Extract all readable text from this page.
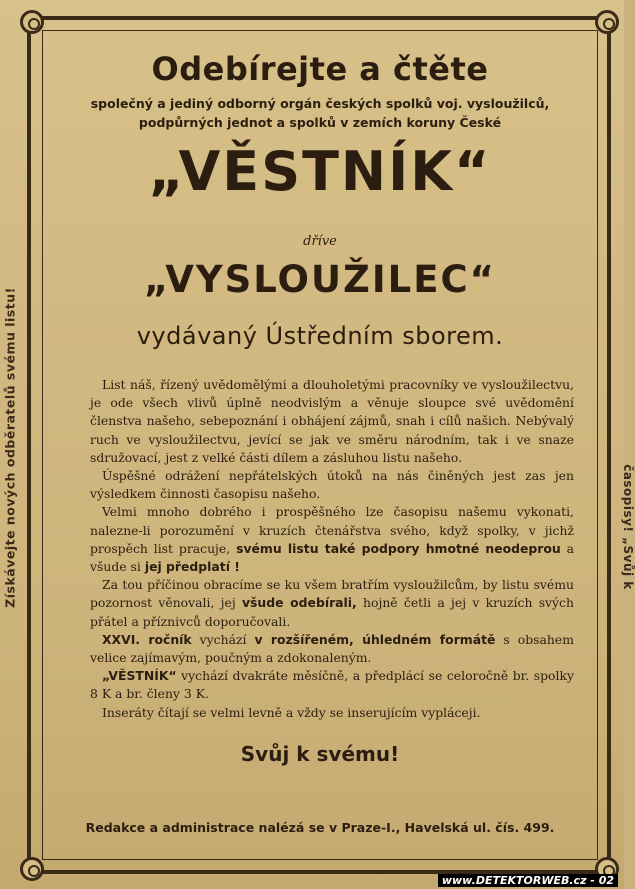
Získávejte nových odběratelů svému listu!	časopisy! „Svůj k
Odebírejte a čtěte
společný a jediný odborný orgán českých spolků voj. vysloužilců,
podpůrných jednot a spolků v zemích koruny České
„VĚSTNÍK“
dříve
„VYSLOUŽILEC“
vydávaný Ústředním sborem.

List náš, řízený uvědomělými a dlouholetými pracovníky ve vysloužilectvu, je ode všech vlivů úplně neodvislým a věnuje sloupce své uvědomění členstva našeho, sebepoznání i obhájení zájmů, snah i cílů našich. Nebývalý ruch ve vysloužilectvu, jevící se jak ve směru národním, tak i ve snaze sdružovací, jest z velké části dílem a zásluhou listu našeho.

Úspěšné odrážení nepřátelských útoků na nás činěných jest zas jen výsledkem činnosti časopisu našeho.

Velmi mnoho dobrého i prospěšného lze časopisu našemu vykonati, nalezne-li porozumění v kruzích čtenářstva svého, když spolky, v jichž prospěch list pracuje, svému listu také podpory hmotné neodeprou a všude si jej předplatí !

Za tou příčinou obracíme se ku všem bratřím vysloužilcům, by listu svému pozornost věnovali, jej všude odebírali, hojně četli a jej v kruzích svých přátel a příznivců doporučovali.

XXVI. ročník vychází v rozšířeném, úhledném formátě s obsahem velice zajímavým, poučným a zdokonaleným.

„VĚSTNÍK“ vychází dvakráte měsíčně, a předplácí se celoročně br. spolky 8 K a br. členy 3 K.

Inseráty čítají se velmi levně a vždy se inserujícím vypláceji.

Svůj k svému!
Redakce a administrace nalézá se v Praze-I., Havelská ul. čís. 499.
www.DETEKTORWEB.cz - 02
